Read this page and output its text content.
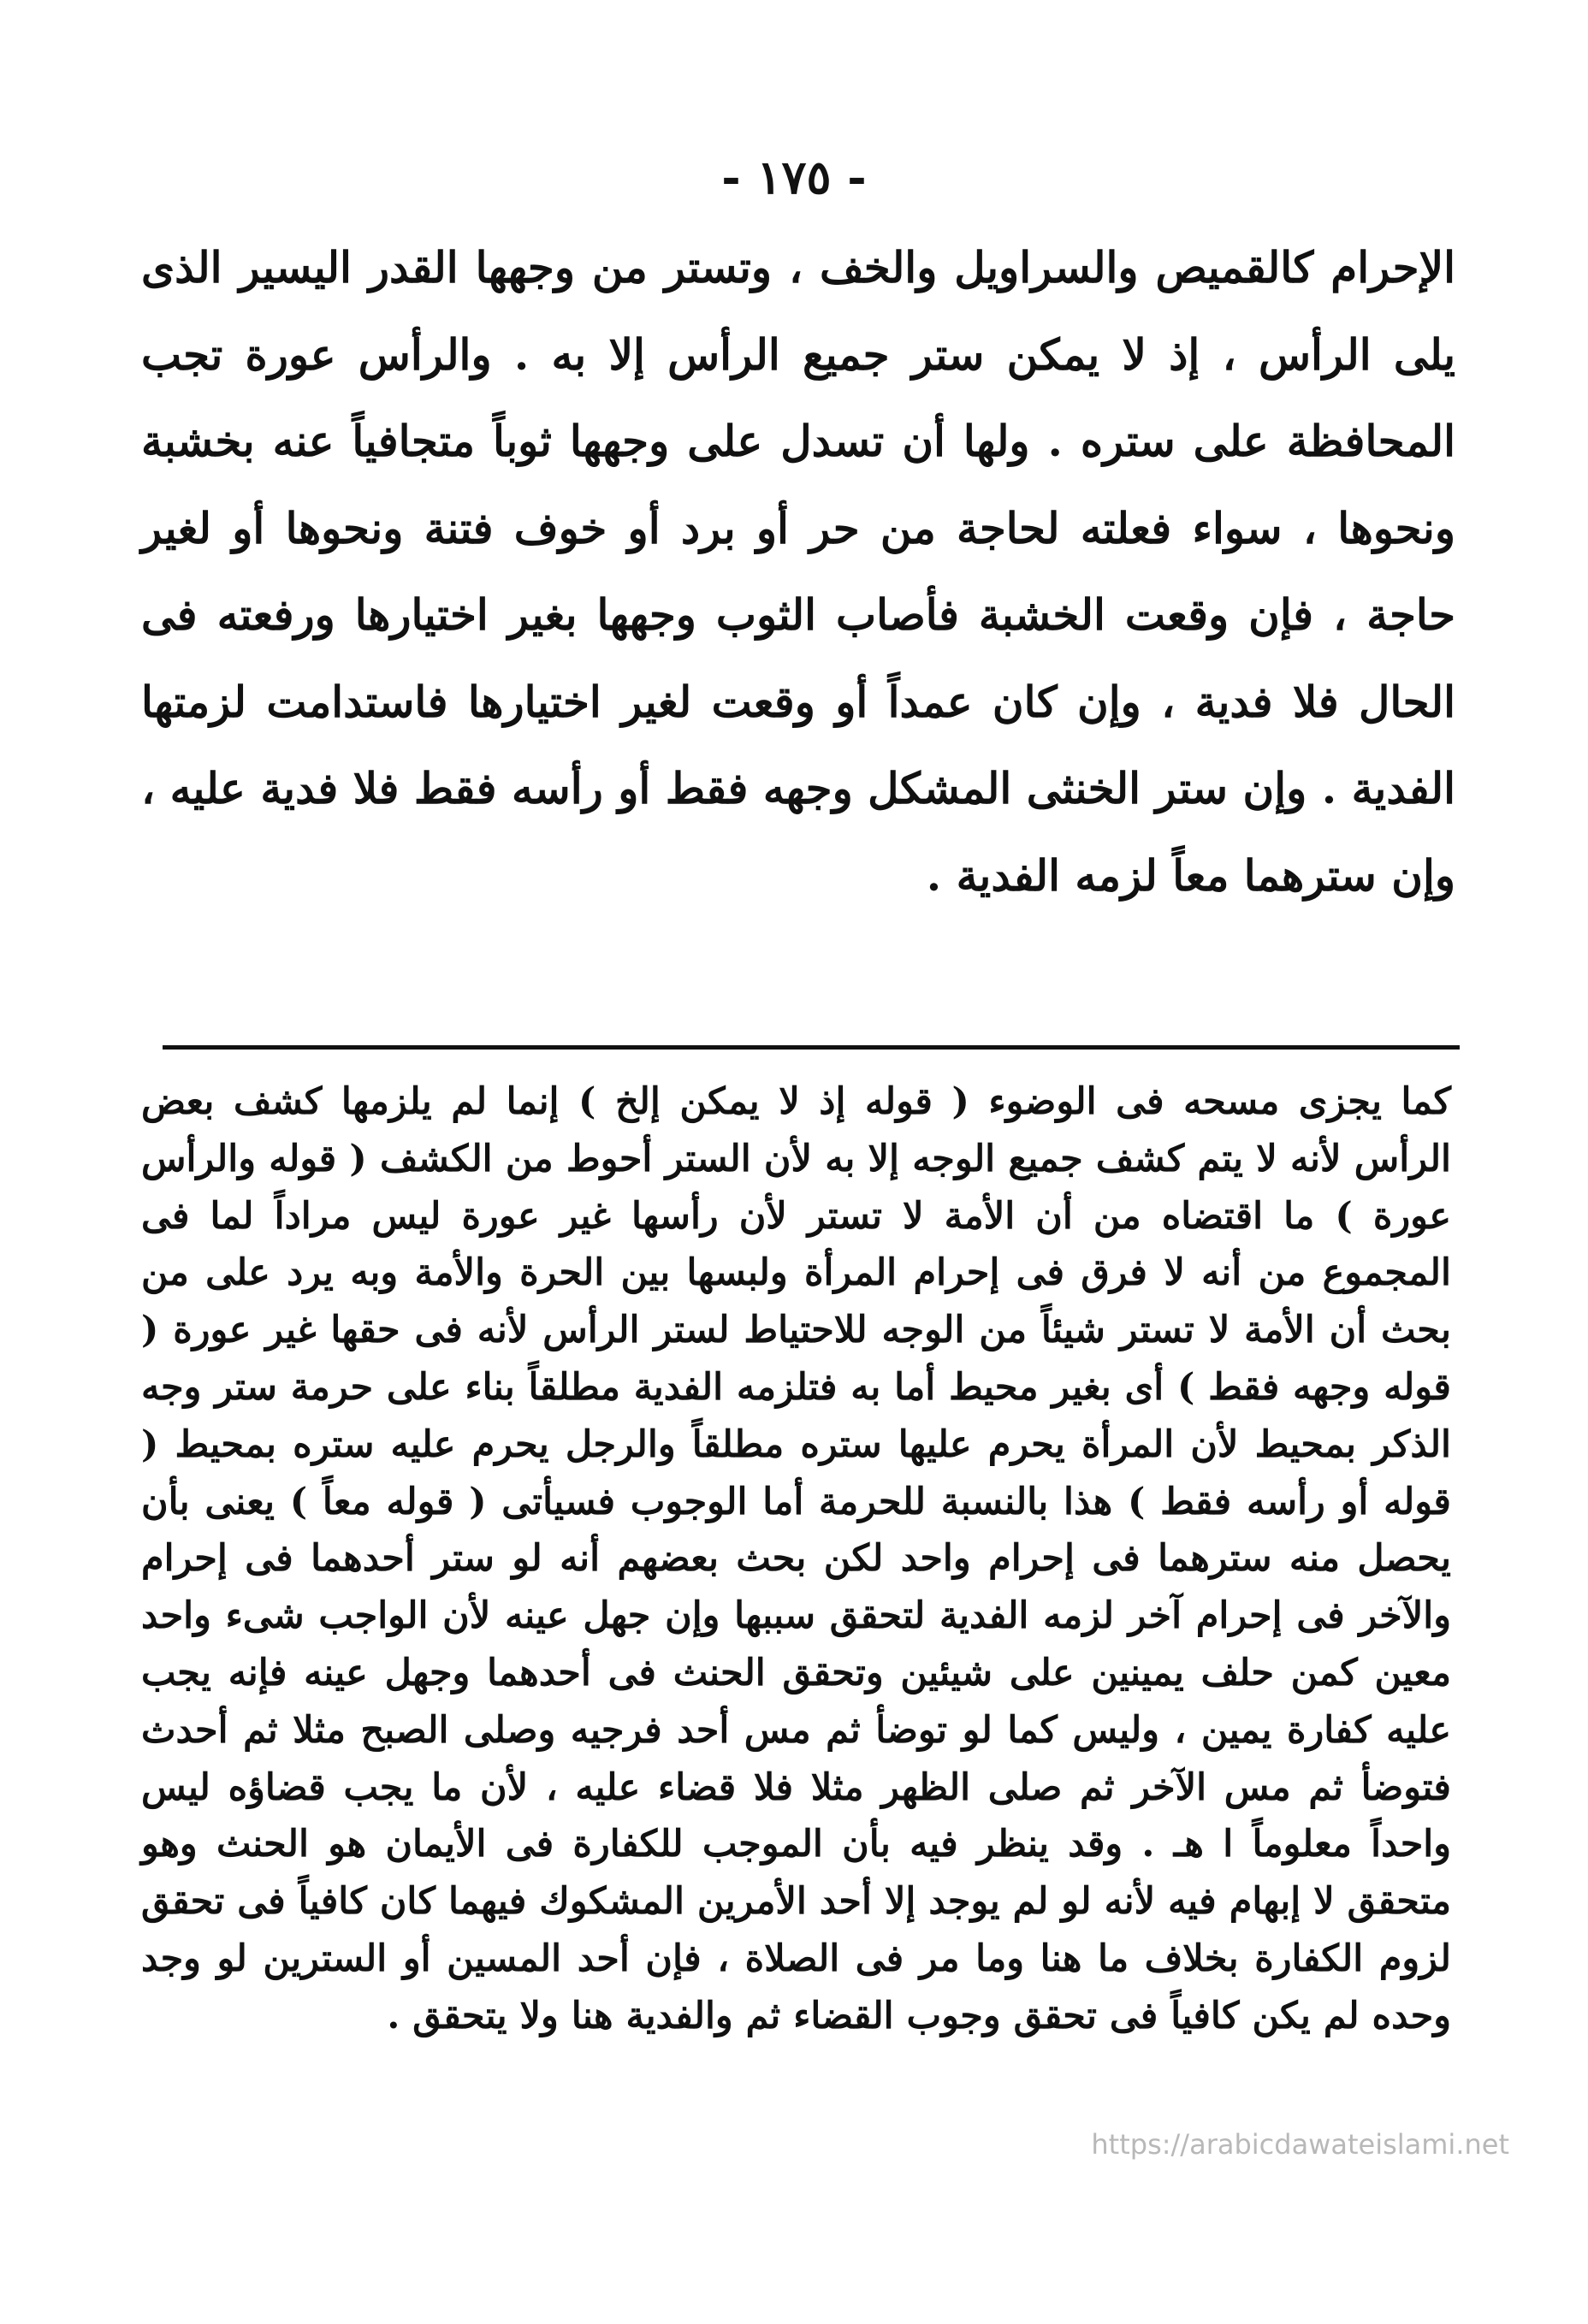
- ١٧٥ -

الإحرام كالقميص والسراويل والخف ، وتستر من وجهها القدر اليسير الذى يلى الرأس ، إذ لا يمكن ستر جميع الرأس إلا به . والرأس عورة تجب المحافظة على ستره . ولها أن تسدل على وجهها ثوباً متجافياً عنه بخشبة ونحوها ، سواء فعلته لحاجة من حر أو برد أو خوف فتنة ونحوها أو لغير حاجة ، فإن وقعت الخشبة فأصاب الثوب وجهها بغير اختيارها ورفعته فى الحال فلا فدية ، وإن كان عمداً أو وقعت لغير اختيارها فاستدامت لزمتها الفدية . وإن ستر الخنثى المشكل وجهه فقط أو رأسه فقط فلا فدية عليه ، وإن سترهما معاً لزمه الفدية .

كما يجزى مسحه فى الوضوء ( قوله إذ لا يمكن إلخ ) إنما لم يلزمها كشف بعض الرأس لأنه لا يتم كشف جميع الوجه إلا به لأن الستر أحوط من الكشف ( قوله والرأس عورة ) ما اقتضاه من أن الأمة لا تستر لأن رأسها غير عورة ليس مراداً لما فى المجموع من أنه لا فرق فى إحرام المرأة ولبسها بين الحرة والأمة وبه يرد على من بحث أن الأمة لا تستر شيئاً من الوجه للاحتياط لستر الرأس لأنه فى حقها غير عورة ( قوله وجهه فقط ) أى بغير محيط أما به فتلزمه الفدية مطلقاً بناء على حرمة ستر وجه الذكر بمحيط لأن المرأة يحرم عليها ستره مطلقاً والرجل يحرم عليه ستره بمحيط ( قوله أو رأسه فقط ) هذا بالنسبة للحرمة أما الوجوب فسيأتى ( قوله معاً ) يعنى بأن يحصل منه سترهما فى إحرام واحد لكن بحث بعضهم أنه لو ستر أحدهما فى إحرام والآخر فى إحرام آخر لزمه الفدية لتحقق سببها وإن جهل عينه لأن الواجب شىء واحد معين كمن حلف يمينين على شيئين وتحقق الحنث فى أحدهما وجهل عينه فإنه يجب عليه كفارة يمين ، وليس كما لو توضأ ثم مس أحد فرجيه وصلى الصبح مثلا ثم أحدث فتوضأ ثم مس الآخر ثم صلى الظهر مثلا فلا قضاء عليه ، لأن ما يجب قضاؤه ليس واحداً معلوماً ا هـ . وقد ينظر فيه بأن الموجب للكفارة فى الأيمان هو الحنث وهو متحقق لا إبهام فيه لأنه لو لم يوجد إلا أحد الأمرين المشكوك فيهما كان كافياً فى تحقق لزوم الكفارة بخلاف ما هنا وما مر فى الصلاة ، فإن أحد المسين أو السترين لو وجد وحده لم يكن كافياً فى تحقق وجوب القضاء ثم والفدية هنا ولا يتحقق .

https://arabicdawateislami.net
